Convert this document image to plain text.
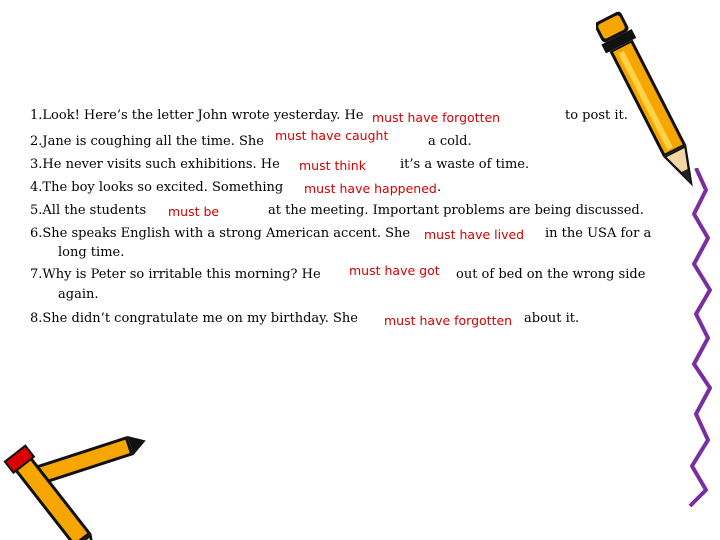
1.Look! Here’s the letter John wrote yesterday. He must have forgotten	to post it.
2.Jane is coughing all the time. She must have caught	a cold.
3.He never visits such exhibitions. He must think	it’s a waste of time.
4.The boy looks so excited. Something must have happened .
5.All the students must be	at the meeting. Important problems are being discussed.
6.She speaks English with a strong American accent. She must have lived in the USA for a
long time.
7.Why is Peter so irritable this morning? He must have got out of bed on the wrong side
again.
8.She didn’t congratulate me on my birthday. She must have forgotten about it.
